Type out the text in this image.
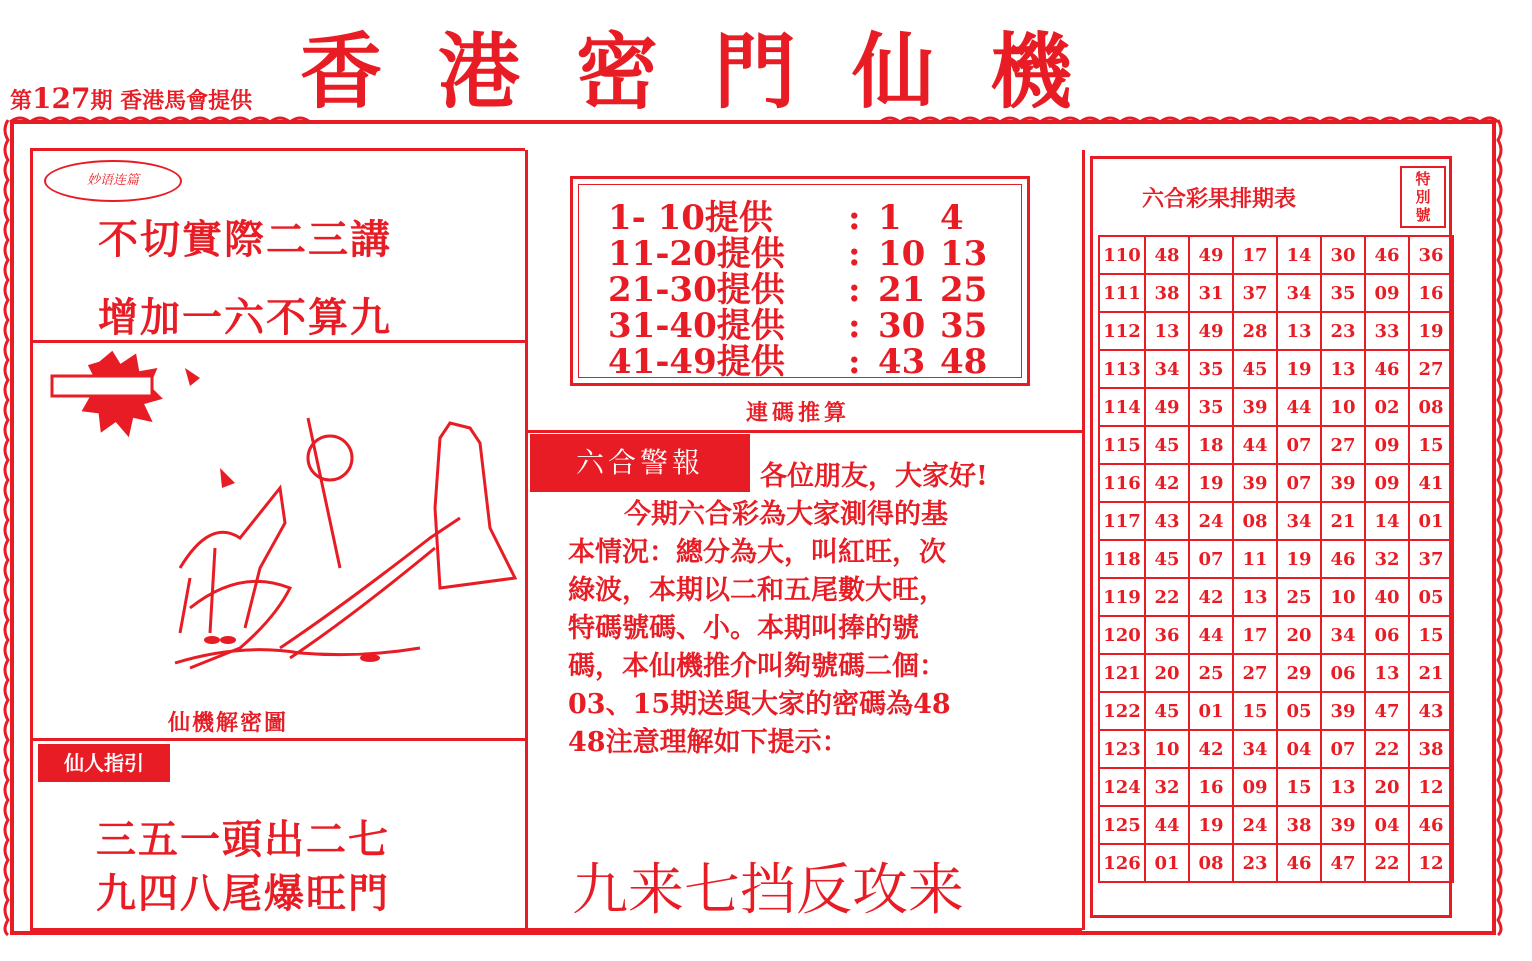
香港密門仙機
第127期 香港馬會提供
妙语连篇
不切實際二三講
增加一六不算九
仙機解密圖
仙人指引
三五一頭出二七
九四八尾爆旺門
1- 10提供 : 1 4
11-20提供 : 10 13
21-30提供 : 21 25
31-40提供 : 30 35
41-49提供 : 43 48
連碼推算
六合警報	各位朋友，大家好!
今期六合彩為大家測得的基
本情況：總分為大，叫紅旺，次
綠波，本期以二和五尾數大旺，
特碼號碼、小。本期叫捧的號
碼，本仙機推介叫夠號碼二個：
03、15期送與大家的密碼為48
48注意理解如下提示：
九来七挡反攻来
六合彩果排期表
特別號
110	48	49	17	14	30	46	36
111	38	31	37	34	35	09	16
112	13	49	28	13	23	33	19
113	34	35	45	19	13	46	27
114	49	35	39	44	10	02	08
115	45	18	44	07	27	09	15
116	42	19	39	07	39	09	41
117	43	24	08	34	21	14	01
118	45	07	11	19	46	32	37
119	22	42	13	25	10	40	05
120	36	44	17	20	34	06	15
121	20	25	27	29	06	13	21
122	45	01	15	05	39	47	43
123	10	42	34	04	07	22	38
124	32	16	09	15	13	20	12
125	44	19	24	38	39	04	46
126	01	08	23	46	47	22	12
